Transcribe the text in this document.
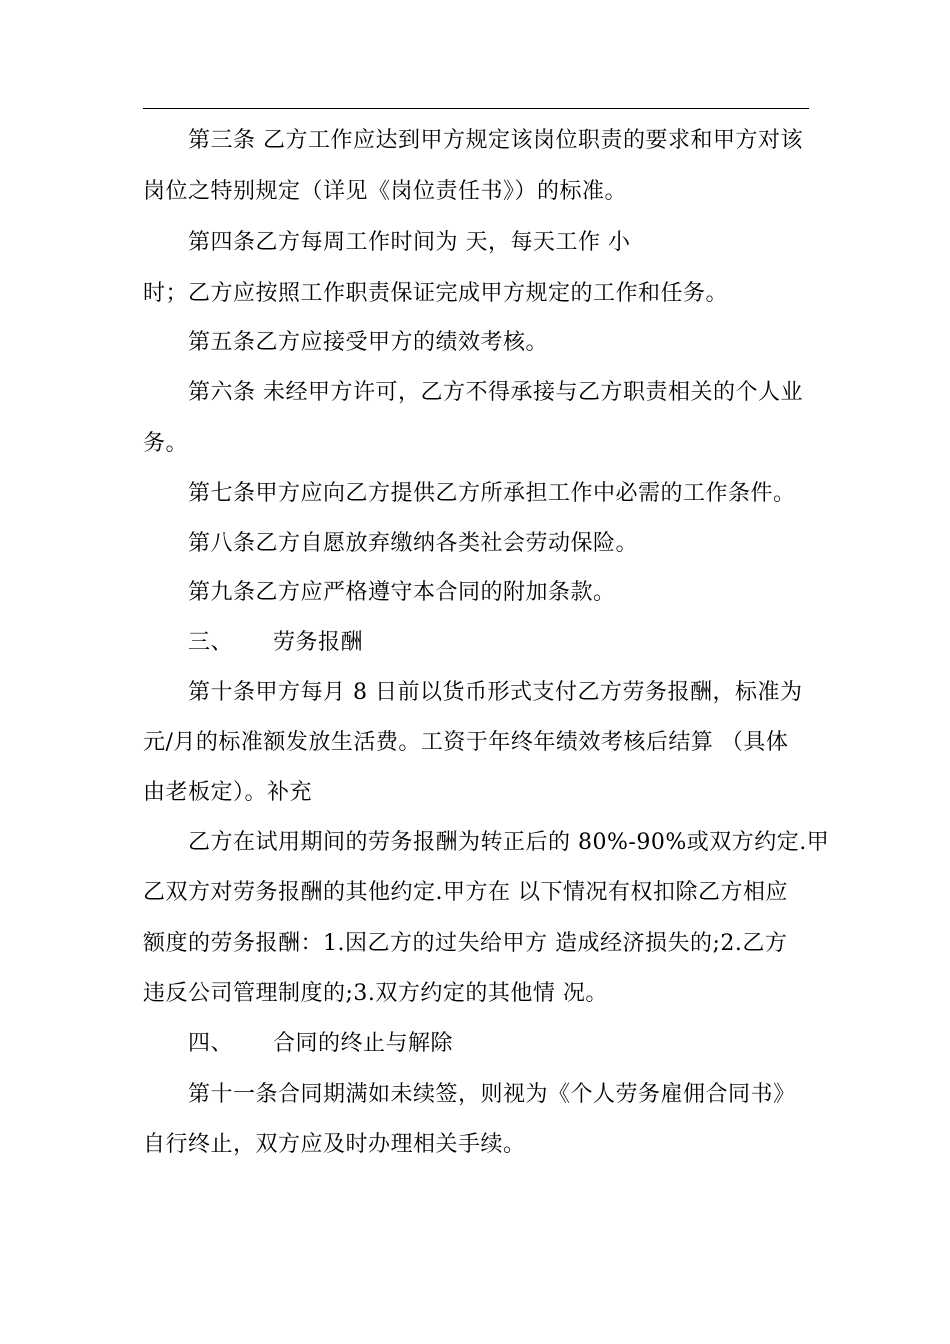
第三条 乙方工作应达到甲方规定该岗位职责的要求和甲方对该
岗位之特别规定（详见《岗位责任书》）的标准。
第四条乙方每周工作时间为 天，每天工作 小
时；乙方应按照工作职责保证完成甲方规定的工作和任务。
第五条乙方应接受甲方的绩效考核。
第六条 未经甲方许可，乙方不得承接与乙方职责相关的个人业
务。
第七条甲方应向乙方提供乙方所承担工作中必需的工作条件。
第八条乙方自愿放弃缴纳各类社会劳动保险。
第九条乙方应严格遵守本合同的附加条款。
三、 劳务报酬
第十条甲方每月 8 日前以货币形式支付乙方劳务报酬，标准为
元/月的标准额发放生活费。工资于年终年绩效考核后结算 （具体
由老板定）。补充
乙方在试用期间的劳务报酬为转正后的 80%-90%或双方约定.甲
乙双方对劳务报酬的其他约定.甲方在 以下情况有权扣除乙方相应
额度的劳务报酬：1.因乙方的过失给甲方 造成经济损失的;2.乙方
违反公司管理制度的;3.双方约定的其他情 况。
四、 合同的终止与解除
第十一条合同期满如未续签，则视为《个人劳务雇佣合同书》
自行终止，双方应及时办理相关手续。
